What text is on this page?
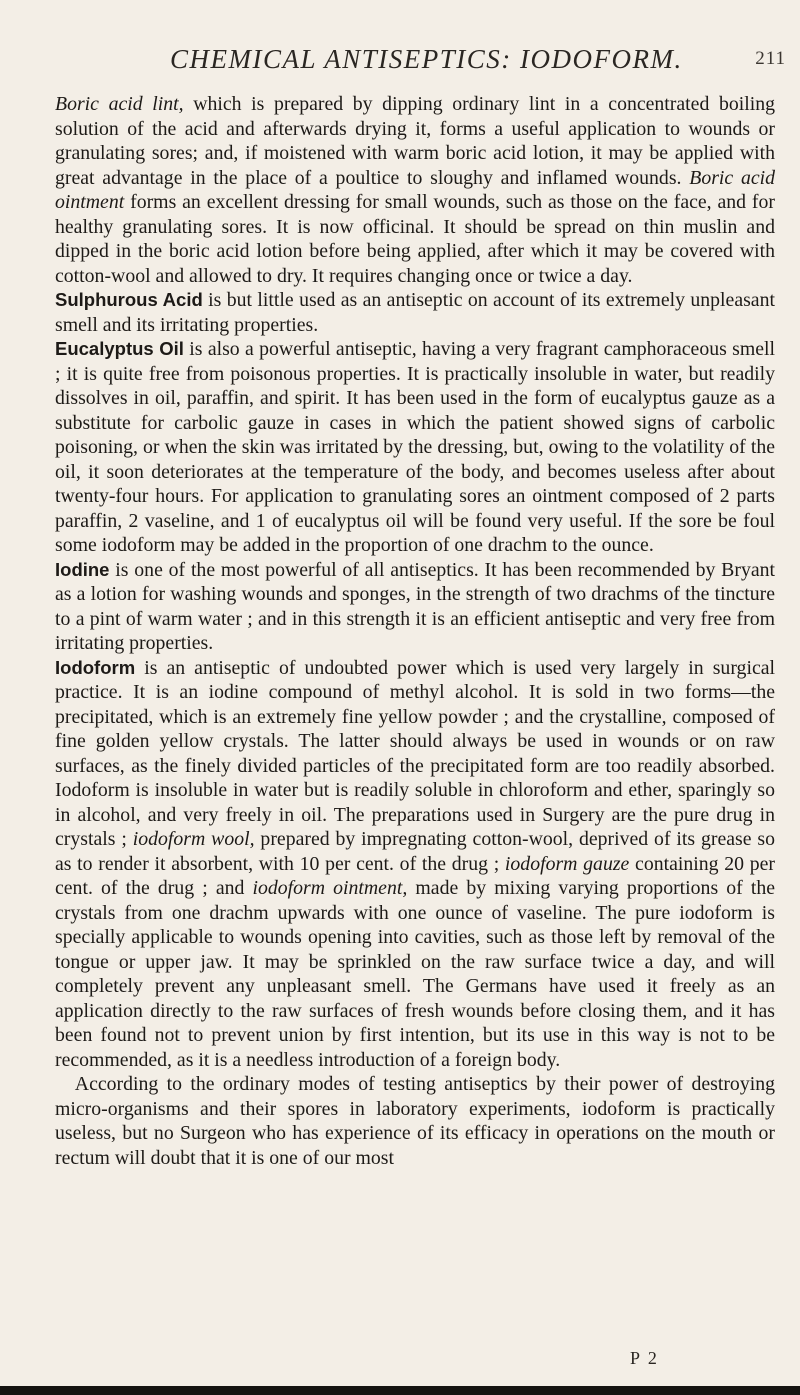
CHEMICAL ANTISEPTICS: IODOFORM.	211

Boric acid lint, which is prepared by dipping ordinary lint in a concentrated boiling solution of the acid and afterwards drying it, forms a useful application to wounds or granulating sores; and, if moistened with warm boric acid lotion, it may be applied with great advantage in the place of a poultice to sloughy and inflamed wounds. Boric acid ointment forms an excellent dressing for small wounds, such as those on the face, and for healthy granulating sores. It is now officinal. It should be spread on thin muslin and dipped in the boric acid lotion before being applied, after which it may be covered with cotton-wool and allowed to dry. It requires changing once or twice a day.

Sulphurous Acid is but little used as an antiseptic on account of its extremely unpleasant smell and its irritating properties.

Eucalyptus Oil is also a powerful antiseptic, having a very fragrant camphoraceous smell ; it is quite free from poisonous properties. It is practically insoluble in water, but readily dissolves in oil, paraffin, and spirit. It has been used in the form of eucalyptus gauze as a substitute for carbolic gauze in cases in which the patient showed signs of carbolic poisoning, or when the skin was irritated by the dressing, but, owing to the volatility of the oil, it soon deteriorates at the temperature of the body, and becomes useless after about twenty-four hours. For application to granulating sores an ointment composed of 2 parts paraffin, 2 vaseline, and 1 of eucalyptus oil will be found very useful. If the sore be foul some iodoform may be added in the proportion of one drachm to the ounce.

Iodine is one of the most powerful of all antiseptics. It has been recommended by Bryant as a lotion for washing wounds and sponges, in the strength of two drachms of the tincture to a pint of warm water ; and in this strength it is an efficient antiseptic and very free from irritating properties.

Iodoform is an antiseptic of undoubted power which is used very largely in surgical practice. It is an iodine compound of methyl alcohol. It is sold in two forms—the precipitated, which is an extremely fine yellow powder ; and the crystalline, composed of fine golden yellow crystals. The latter should always be used in wounds or on raw surfaces, as the finely divided particles of the precipitated form are too readily absorbed. Iodoform is insoluble in water but is readily soluble in chloroform and ether, sparingly so in alcohol, and very freely in oil. The preparations used in Surgery are the pure drug in crystals ; iodoform wool, prepared by impregnating cotton-wool, deprived of its grease so as to render it absorbent, with 10 per cent. of the drug ; iodoform gauze containing 20 per cent. of the drug ; and iodoform ointment, made by mixing varying proportions of the crystals from one drachm upwards with one ounce of vaseline. The pure iodoform is specially applicable to wounds opening into cavities, such as those left by removal of the tongue or upper jaw. It may be sprinkled on the raw surface twice a day, and will completely prevent any unpleasant smell. The Germans have used it freely as an application directly to the raw surfaces of fresh wounds before closing them, and it has been found not to prevent union by first intention, but its use in this way is not to be recommended, as it is a needless introduction of a foreign body.

 According to the ordinary modes of testing antiseptics by their power of destroying micro-organisms and their spores in laboratory experiments, iodoform is practically useless, but no Surgeon who has experience of its efficacy in operations on the mouth or rectum will doubt that it is one of our most

P 2
